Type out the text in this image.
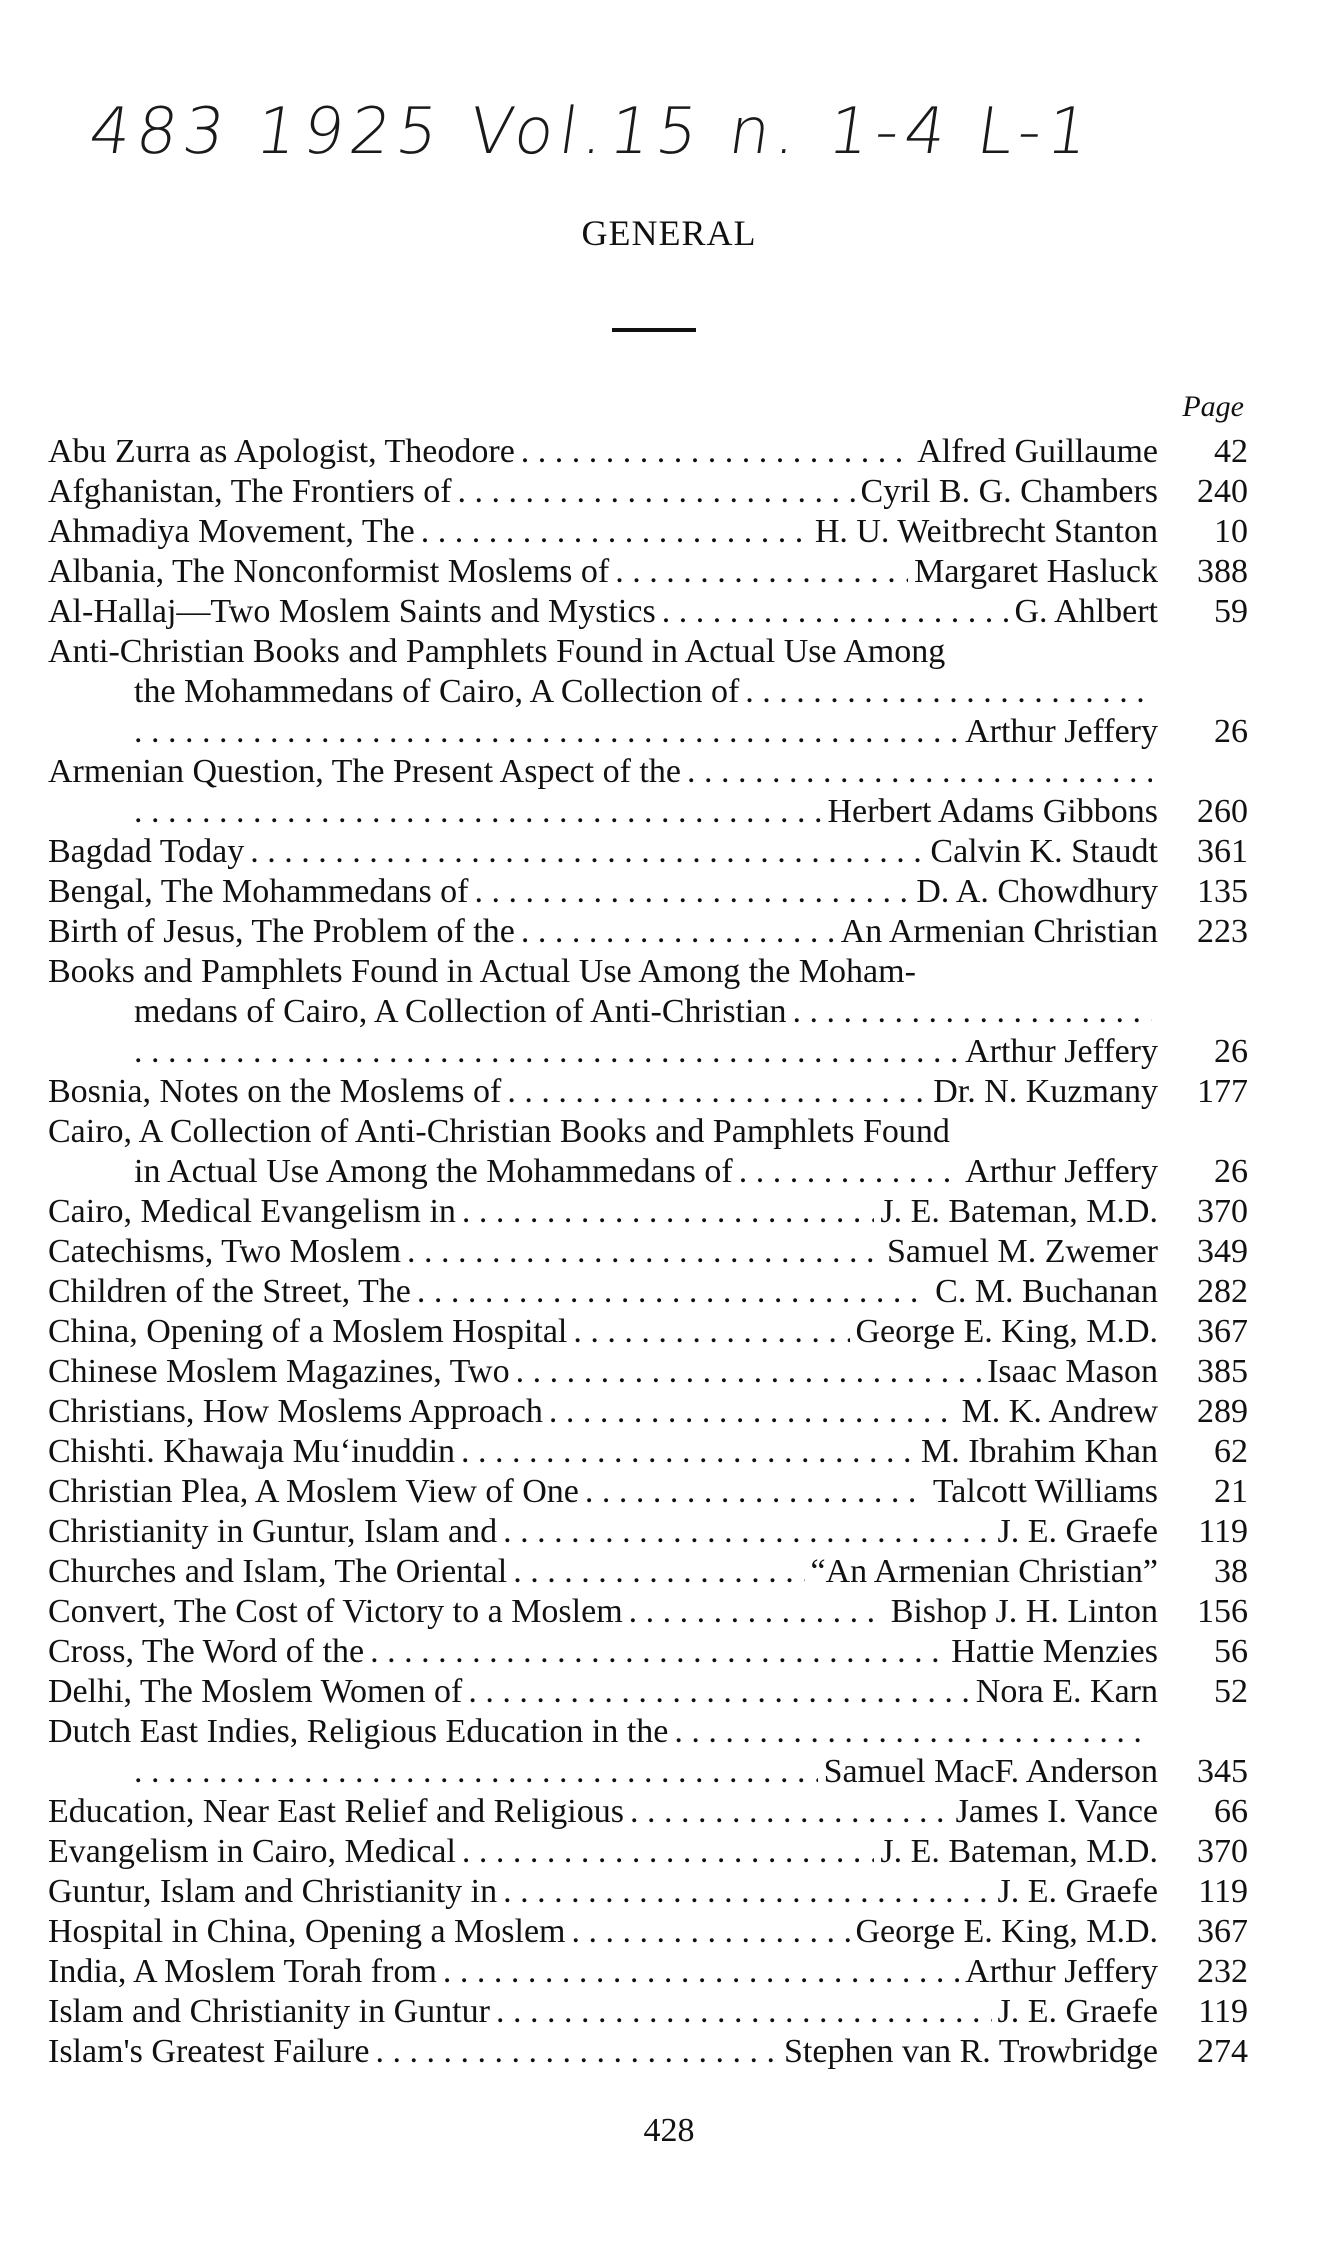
483 1925 Vol.15 n. 1-4 L-1
GENERAL
Page
Abu Zurra as Apologist, Theodore . . .	Alfred Guillaume	42
Afghanistan, The Frontiers of . . .	Cyril B. G. Chambers	240
Ahmadiya Movement, The . . .	H. U. Weitbrecht Stanton	10
Albania, The Nonconformist Moslems of . . .	Margaret Hasluck	388
Al-Hallaj—Two Moslem Saints and Mystics . . .	G. Ahlbert	59
Anti-Christian Books and Pamphlets Found in Actual Use Among
the Mohammedans of Cairo, A Collection of
. . .
. . .
Arthur Jeffery	26
Armenian Question, The Present Aspect of the
. . .
. . .
Herbert Adams Gibbons	260
Bagdad Today . . .	Calvin K. Staudt	361
Bengal, The Mohammedans of . . .	D. A. Chowdhury	135
Birth of Jesus, The Problem of the . . .	An Armenian Christian	223
Books and Pamphlets Found in Actual Use Among the Moham-
medans of Cairo, A Collection of Anti-Christian
. . .
. . .
Arthur Jeffery	26
Bosnia, Notes on the Moslems of . . .	Dr. N. Kuzmany	177
Cairo, A Collection of Anti-Christian Books and Pamphlets Found
in Actual Use Among the Mohammedans of . . .	Arthur Jeffery	26
Cairo, Medical Evangelism in . . .	J. E. Bateman, M.D.	370
Catechisms, Two Moslem . . .	Samuel M. Zwemer	349
Children of the Street, The . . .	C. M. Buchanan	282
China, Opening of a Moslem Hospital . . .	George E. King, M.D.	367
Chinese Moslem Magazines, Two . . .	Isaac Mason	385
Christians, How Moslems Approach . . .	M. K. Andrew	289
Chishti. Khawaja Mu‘inuddin . . .	M. Ibrahim Khan	62
Christian Plea, A Moslem View of One . . .	Talcott Williams	21
Christianity in Guntur, Islam and . . .	J. E. Graefe	119
Churches and Islam, The Oriental . . .	“An Armenian Christian”	38
Convert, The Cost of Victory to a Moslem . . .	Bishop J. H. Linton	156
Cross, The Word of the . . .	Hattie Menzies	56
Delhi, The Moslem Women of . . .	Nora E. Karn	52
Dutch East Indies, Religious Education in the
. . .
. . .
Samuel MacF. Anderson	345
Education, Near East Relief and Religious . . .	James I. Vance	66
Evangelism in Cairo, Medical . . .	J. E. Bateman, M.D.	370
Guntur, Islam and Christianity in . . .	J. E. Graefe	119
Hospital in China, Opening a Moslem . . .	George E. King, M.D.	367
India, A Moslem Torah from . . .	Arthur Jeffery	232
Islam and Christianity in Guntur . . .	J. E. Graefe	119
Islam's Greatest Failure . . .	Stephen van R. Trowbridge	274
428
